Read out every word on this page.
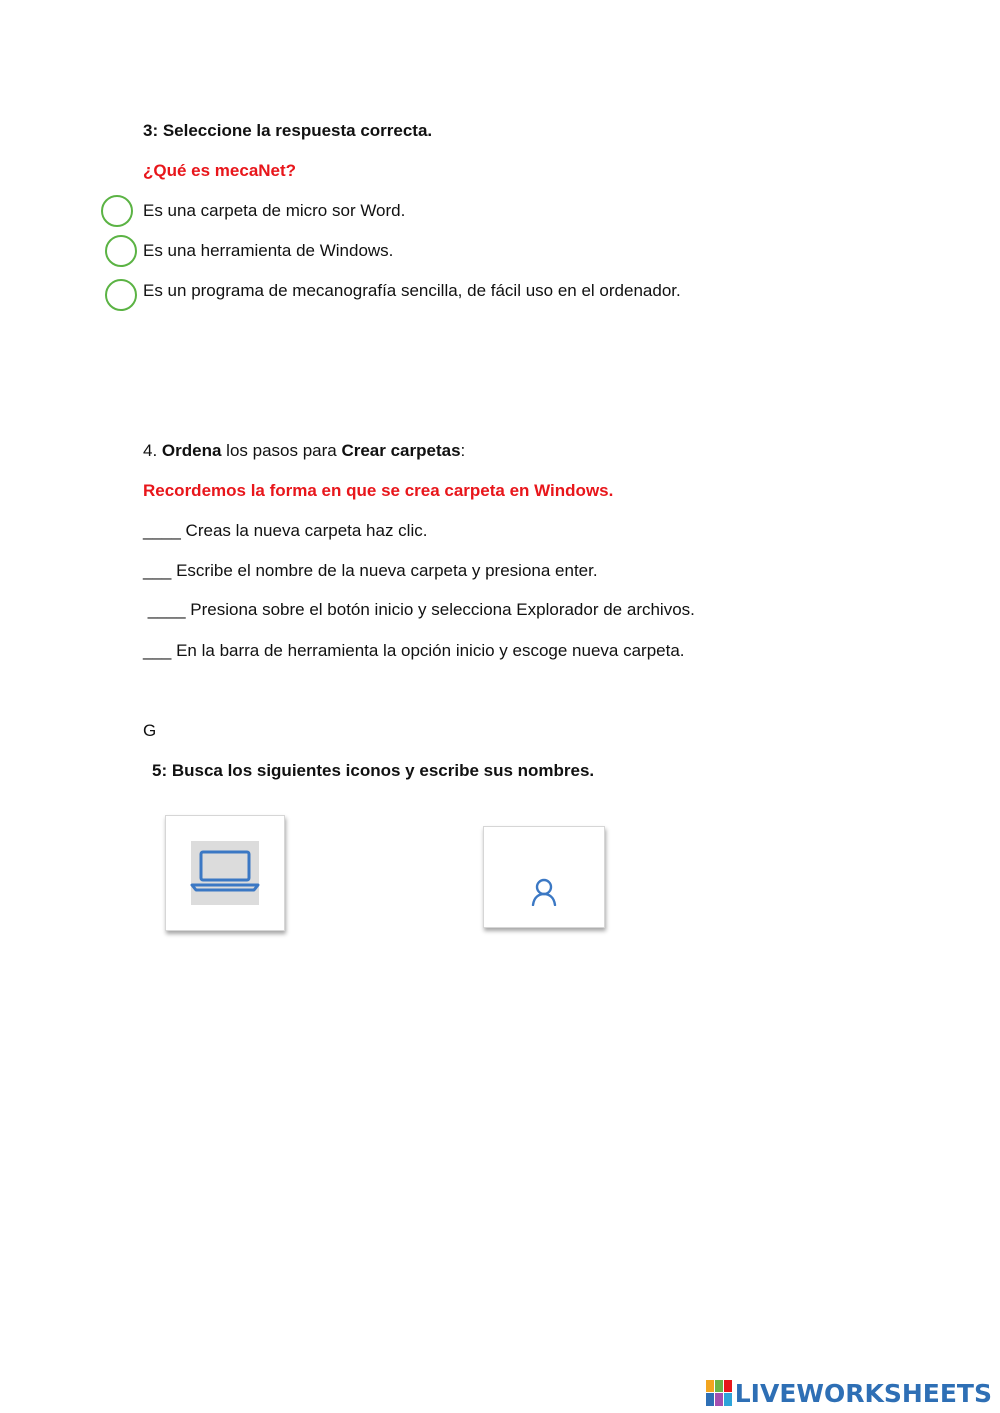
3: Seleccione la respuesta correcta.
¿Qué es mecaNet?
Es una carpeta de micro sor Word.
Es una herramienta de Windows.
Es un programa de mecanografía sencilla, de fácil uso en el ordenador.
4. Ordena los pasos para Crear carpetas:
Recordemos la forma en que se crea carpeta en Windows.
____ Creas la nueva carpeta haz clic.
___ Escribe el nombre de la nueva carpeta y presiona enter.
____ Presiona sobre el botón inicio y selecciona Explorador de archivos.
___ En la barra de herramienta la opción inicio y escoge nueva carpeta.
G
5: Busca los siguientes iconos y escribe sus nombres.
LIVEWORKSHEETS
